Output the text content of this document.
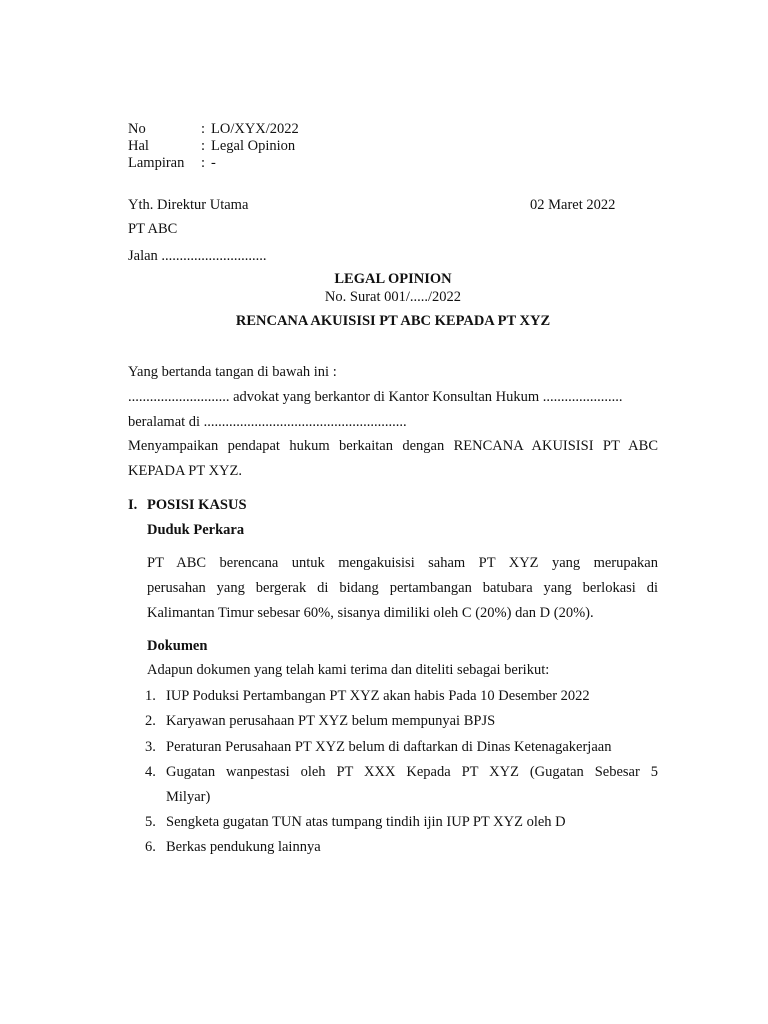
No	: LO/XYX/2022
Hal	: Legal Opinion
Lampiran : -
Yth. Direktur Utama	02 Maret 2022
PT ABC
Jalan .............................
LEGAL OPINION
No. Surat 001/...../2022
RENCANA AKUISISI PT ABC KEPADA PT XYZ
Yang bertanda tangan di bawah ini :
............................ advokat yang berkantor di Kantor Konsultan Hukum ......................
beralamat di ........................................................
Menyampaikan pendapat hukum berkaitan dengan RENCANA AKUISISI PT ABC
KEPADA PT XYZ.
I. POSISI KASUS
Duduk Perkara
PT ABC berencana untuk mengakuisisi saham PT XYZ yang merupakan
perusahan yang bergerak di bidang pertambangan batubara yang berlokasi di
Kalimantan Timur sebesar 60%, sisanya dimiliki oleh C (20%) dan D (20%).
Dokumen
Adapun dokumen yang telah kami terima dan diteliti sebagai berikut:
1. IUP Poduksi Pertambangan PT XYZ akan habis Pada 10 Desember 2022
2. Karyawan perusahaan PT XYZ belum mempunyai BPJS
3. Peraturan Perusahaan PT XYZ belum di daftarkan di Dinas Ketenagakerjaan
4. Gugatan wanpestasi oleh PT XXX Kepada PT XYZ (Gugatan Sebesar 5
Milyar)
5. Sengketa gugatan TUN atas tumpang tindih ijin IUP PT XYZ oleh D
6. Berkas pendukung lainnya
